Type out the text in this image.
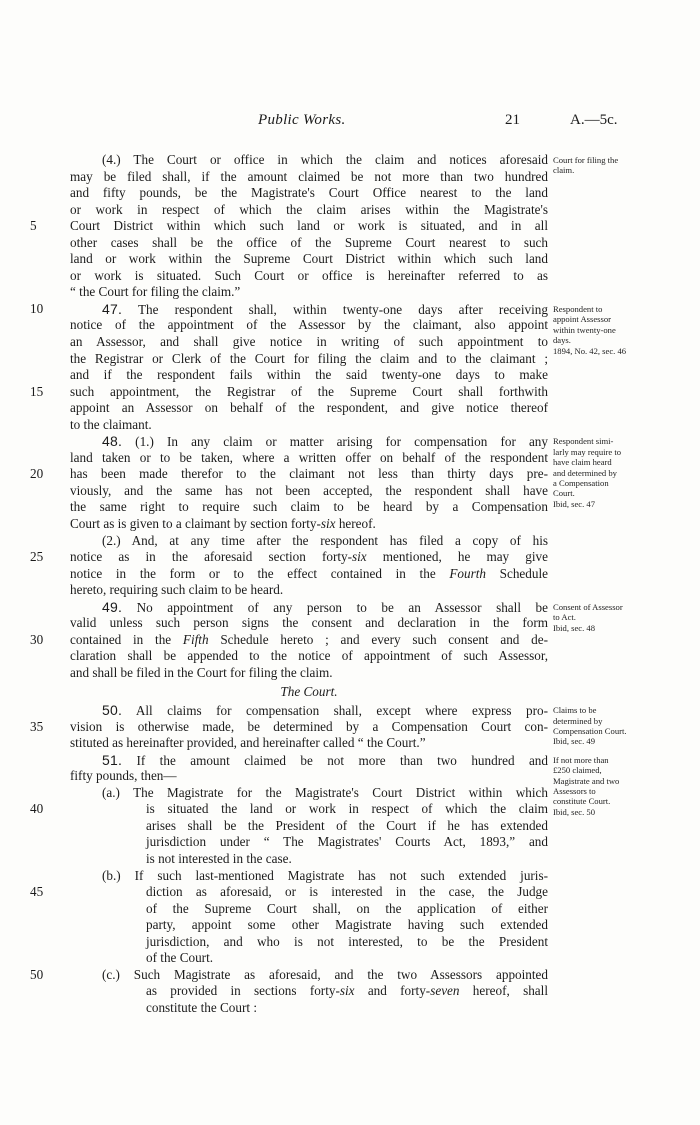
Public Works.	21	A.—5c.
(4.) The Court or office in which the claim and notices aforesaid
may be filed shall, if the amount claimed be not more than two hundred
and fifty pounds, be the Magistrate's Court Office nearest to the land
or work in respect of which the claim arises within the Magistrate's
5	Court District within which such land or work is situated, and in all
other cases shall be the office of the Supreme Court nearest to such
land or work within the Supreme Court District within which such land
or work is situated. Such Court or office is hereinafter referred to as
“ the Court for filing the claim.”
10	47. The respondent shall, within twenty-one days after receiving
notice of the appointment of the Assessor by the claimant, also appoint
an Assessor, and shall give notice in writing of such appointment to
the Registrar or Clerk of the Court for filing the claim and to the claimant ;
and if the respondent fails within the said twenty-one days to make
15	such appointment, the Registrar of the Supreme Court shall forthwith
appoint an Assessor on behalf of the respondent, and give notice thereof
to the claimant.
48. (1.) In any claim or matter arising for compensation for any
land taken or to be taken, where a written offer on behalf of the respondent
20	has been made therefor to the claimant not less than thirty days pre-
viously, and the same has not been accepted, the respondent shall have
the same right to require such claim to be heard by a Compensation
Court as is given to a claimant by section forty-six hereof.
(2.) And, at any time after the respondent has filed a copy of his
25	notice as in the aforesaid section forty-six mentioned, he may give
notice in the form or to the effect contained in the Fourth Schedule
hereto, requiring such claim to be heard.
49. No appointment of any person to be an Assessor shall be
valid unless such person signs the consent and declaration in the form
30	contained in the Fifth Schedule hereto ; and every such consent and de-
claration shall be appended to the notice of appointment of such Assessor,
and shall be filed in the Court for filing the claim.
The Court.
50. All claims for compensation shall, except where express pro-
35	vision is otherwise made, be determined by a Compensation Court con-
stituted as hereinafter provided, and hereinafter called “ the Court.”
51. If the amount claimed be not more than two hundred and
fifty pounds, then—
(a.) The Magistrate for the Magistrate's Court District within which
40	is situated the land or work in respect of which the claim
arises shall be the President of the Court if he has extended
jurisdiction under “ The Magistrates' Courts Act, 1893,” and
is not interested in the case.
(b.) If such last-mentioned Magistrate has not such extended juris-
45	diction as aforesaid, or is interested in the case, the Judge
of the Supreme Court shall, on the application of either
party, appoint some other Magistrate having such extended
jurisdiction, and who is not interested, to be the President
of the Court.
50	(c.) Such Magistrate as aforesaid, and the two Assessors appointed
as provided in sections forty-six and forty-seven hereof, shall
constitute the Court :
Court for filing the
claim.
Respondent to
appoint Assessor
within twenty-one
days.
1894, No. 42, sec. 46
Respondent simi-
larly may require to
have claim heard
and determined by
a Compensation
Court.
Ibid, sec. 47
Consent of Assessor
to Act.
Ibid, sec. 48
Claims to be
determined by
Compensation Court.
Ibid, sec. 49
If not more than
£250 claimed,
Magistrate and two
Assessors to
constitute Court.
Ibid, sec. 50
